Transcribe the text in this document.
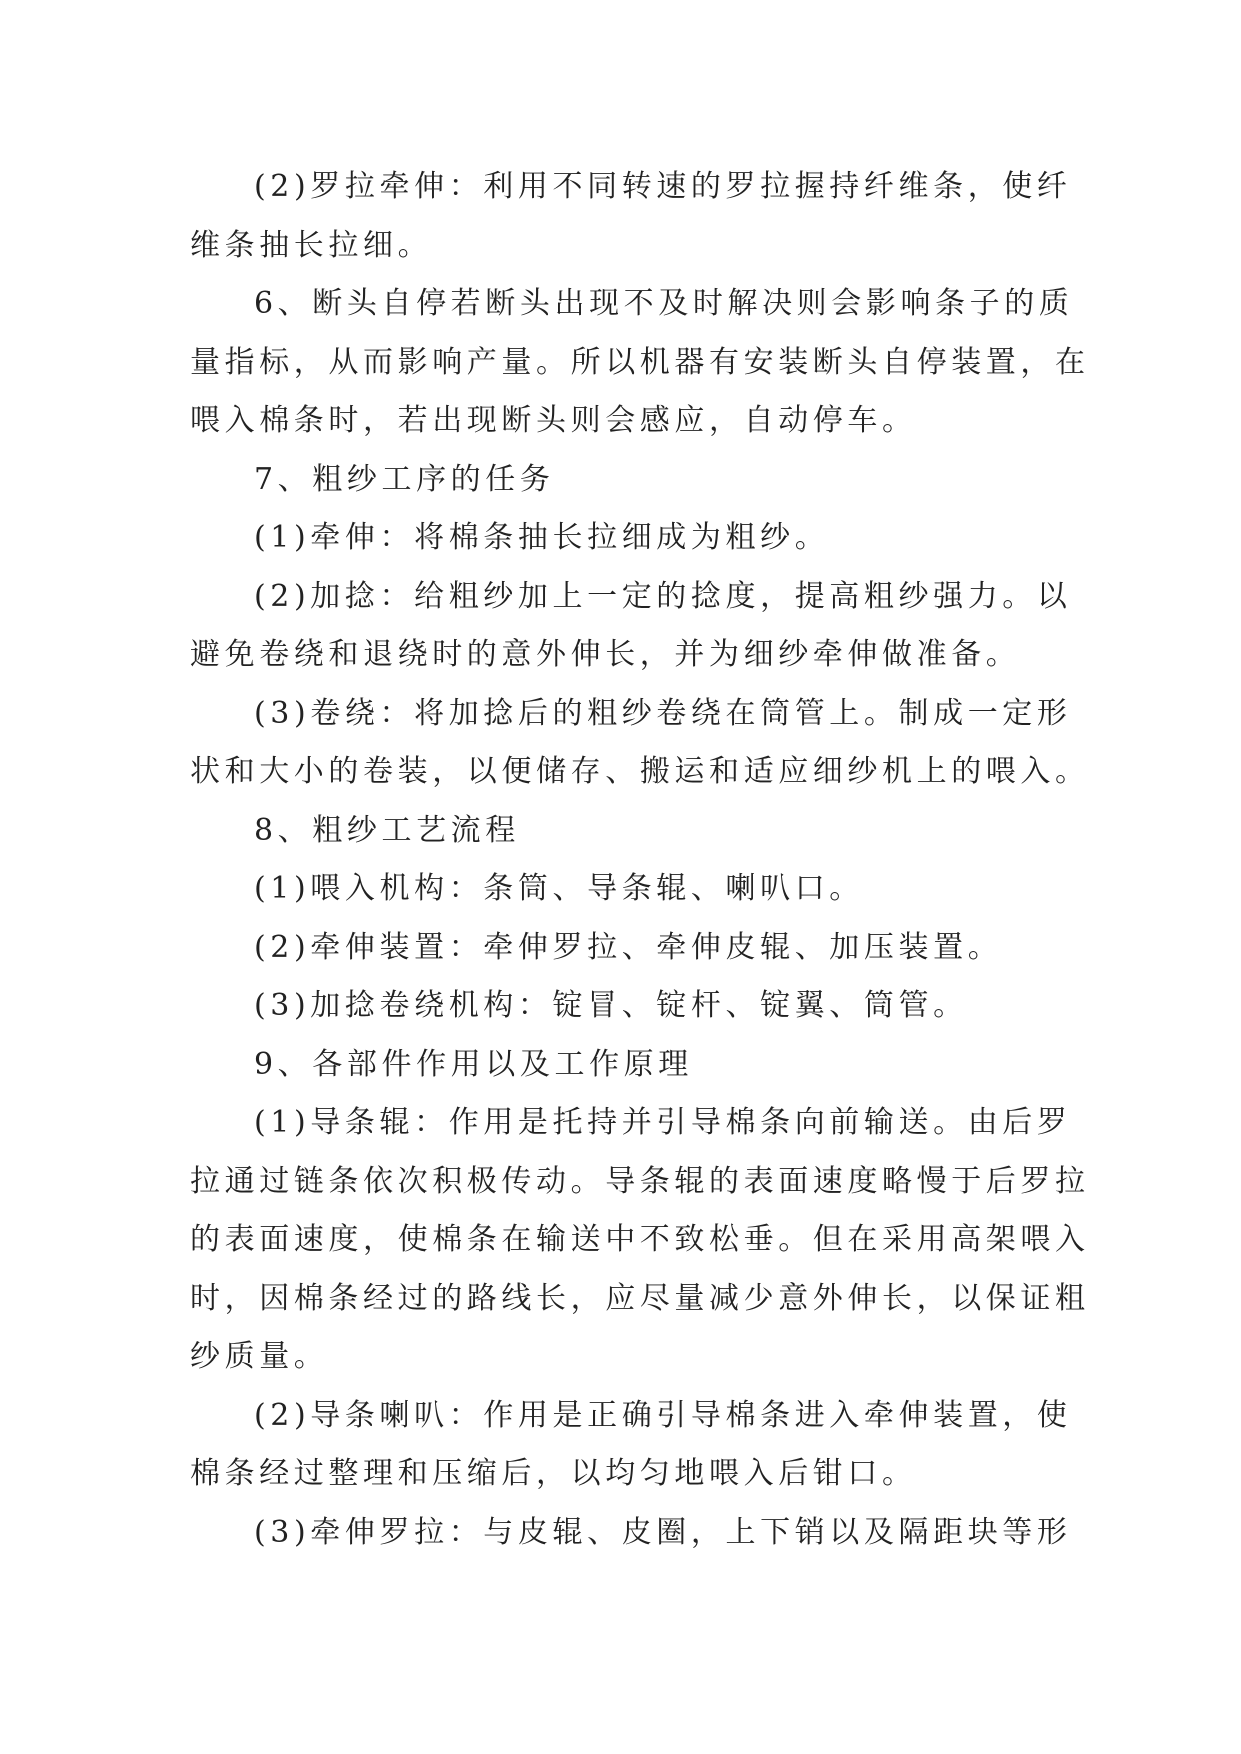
(2)罗拉牵伸：利用不同转速的罗拉握持纤维条，使纤
维条抽长拉细。
6、断头自停若断头出现不及时解决则会影响条子的质
量指标，从而影响产量。所以机器有安装断头自停装置，在
喂入棉条时，若出现断头则会感应，自动停车。
7、粗纱工序的任务
(1)牵伸：将棉条抽长拉细成为粗纱。
(2)加捻：给粗纱加上一定的捻度，提高粗纱强力。以
避免卷绕和退绕时的意外伸长，并为细纱牵伸做准备。
(3)卷绕：将加捻后的粗纱卷绕在筒管上。制成一定形
状和大小的卷装，以便储存、搬运和适应细纱机上的喂入。
8、粗纱工艺流程
(1)喂入机构：条筒、导条辊、喇叭口。
(2)牵伸装置：牵伸罗拉、牵伸皮辊、加压装置。
(3)加捻卷绕机构：锭冒、锭杆、锭翼、筒管。
9、各部件作用以及工作原理
(1)导条辊：作用是托持并引导棉条向前输送。由后罗
拉通过链条依次积极传动。导条辊的表面速度略慢于后罗拉
的表面速度，使棉条在输送中不致松垂。但在采用高架喂入
时，因棉条经过的路线长，应尽量减少意外伸长，以保证粗
纱质量。
(2)导条喇叭：作用是正确引导棉条进入牵伸装置，使
棉条经过整理和压缩后，以均匀地喂入后钳口。
(3)牵伸罗拉：与皮辊、皮圈，上下销以及隔距块等形
